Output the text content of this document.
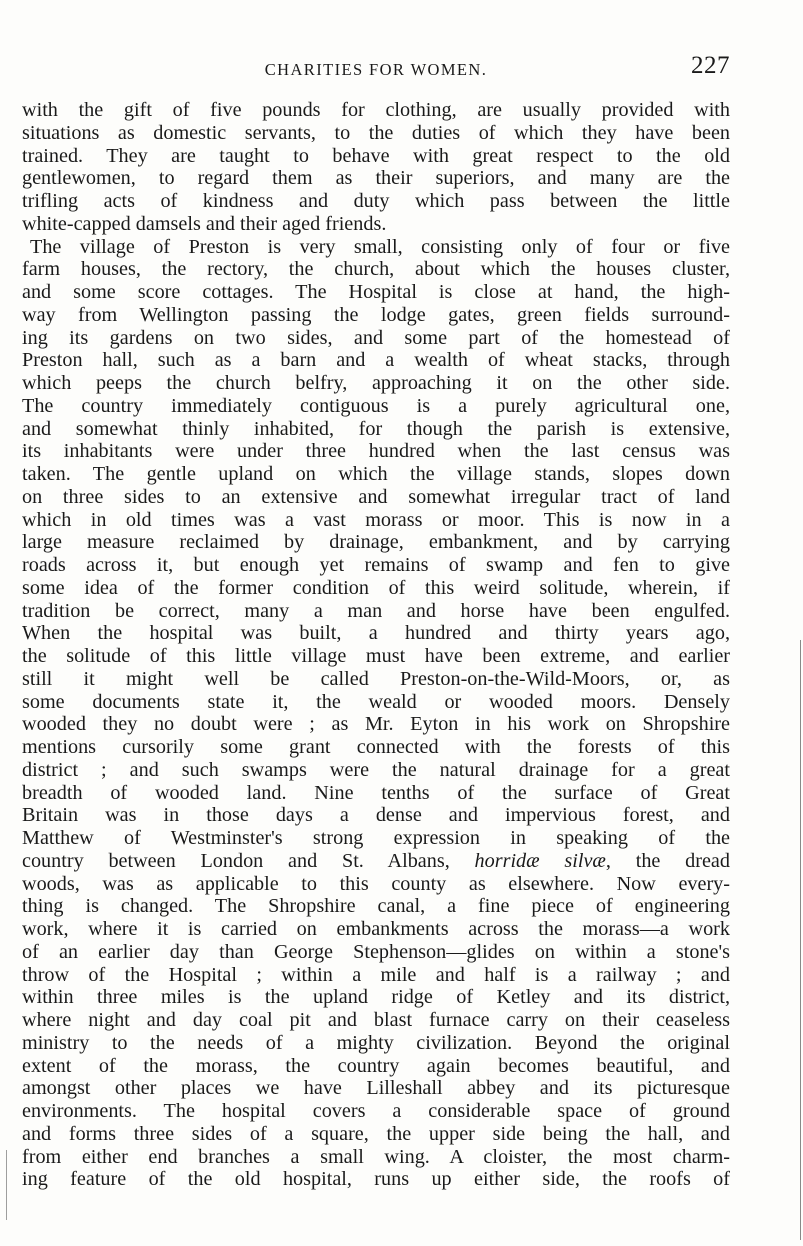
CHARITIES FOR WOMEN.	227
with the gift of five pounds for clothing, are usually provided with
situations as domestic servants, to the duties of which they have been
trained. They are taught to behave with great respect to the old
gentlewomen, to regard them as their superiors, and many are the
trifling acts of kindness and duty which pass between the little
white-capped damsels and their aged friends.
The village of Preston is very small, consisting only of four or five
farm houses, the rectory, the church, about which the houses cluster,
and some score cottages. The Hospital is close at hand, the high-
way from Wellington passing the lodge gates, green fields surround-
ing its gardens on two sides, and some part of the homestead of
Preston hall, such as a barn and a wealth of wheat stacks, through
which peeps the church belfry, approaching it on the other side.
The country immediately contiguous is a purely agricultural one,
and somewhat thinly inhabited, for though the parish is extensive,
its inhabitants were under three hundred when the last census was
taken. The gentle upland on which the village stands, slopes down
on three sides to an extensive and somewhat irregular tract of land
which in old times was a vast morass or moor. This is now in a
large measure reclaimed by drainage, embankment, and by carrying
roads across it, but enough yet remains of swamp and fen to give
some idea of the former condition of this weird solitude, wherein, if
tradition be correct, many a man and horse have been engulfed.
When the hospital was built, a hundred and thirty years ago,
the solitude of this little village must have been extreme, and earlier
still it might well be called Preston-on-the-Wild-Moors, or, as
some documents state it, the weald or wooded moors. Densely
wooded they no doubt were ; as Mr. Eyton in his work on Shropshire
mentions cursorily some grant connected with the forests of this
district ; and such swamps were the natural drainage for a great
breadth of wooded land. Nine tenths of the surface of Great
Britain was in those days a dense and impervious forest, and
Matthew of Westminster's strong expression in speaking of the
country between London and St. Albans, horridæ silvæ, the dread
woods, was as applicable to this county as elsewhere. Now every-
thing is changed. The Shropshire canal, a fine piece of engineering
work, where it is carried on embankments across the morass—a work
of an earlier day than George Stephenson—glides on within a stone's
throw of the Hospital ; within a mile and half is a railway ; and
within three miles is the upland ridge of Ketley and its district,
where night and day coal pit and blast furnace carry on their ceaseless
ministry to the needs of a mighty civilization. Beyond the original
extent of the morass, the country again becomes beautiful, and
amongst other places we have Lilleshall abbey and its picturesque
environments. The hospital covers a considerable space of ground
and forms three sides of a square, the upper side being the hall, and
from either end branches a small wing. A cloister, the most charm-
ing feature of the old hospital, runs up either side, the roofs of
